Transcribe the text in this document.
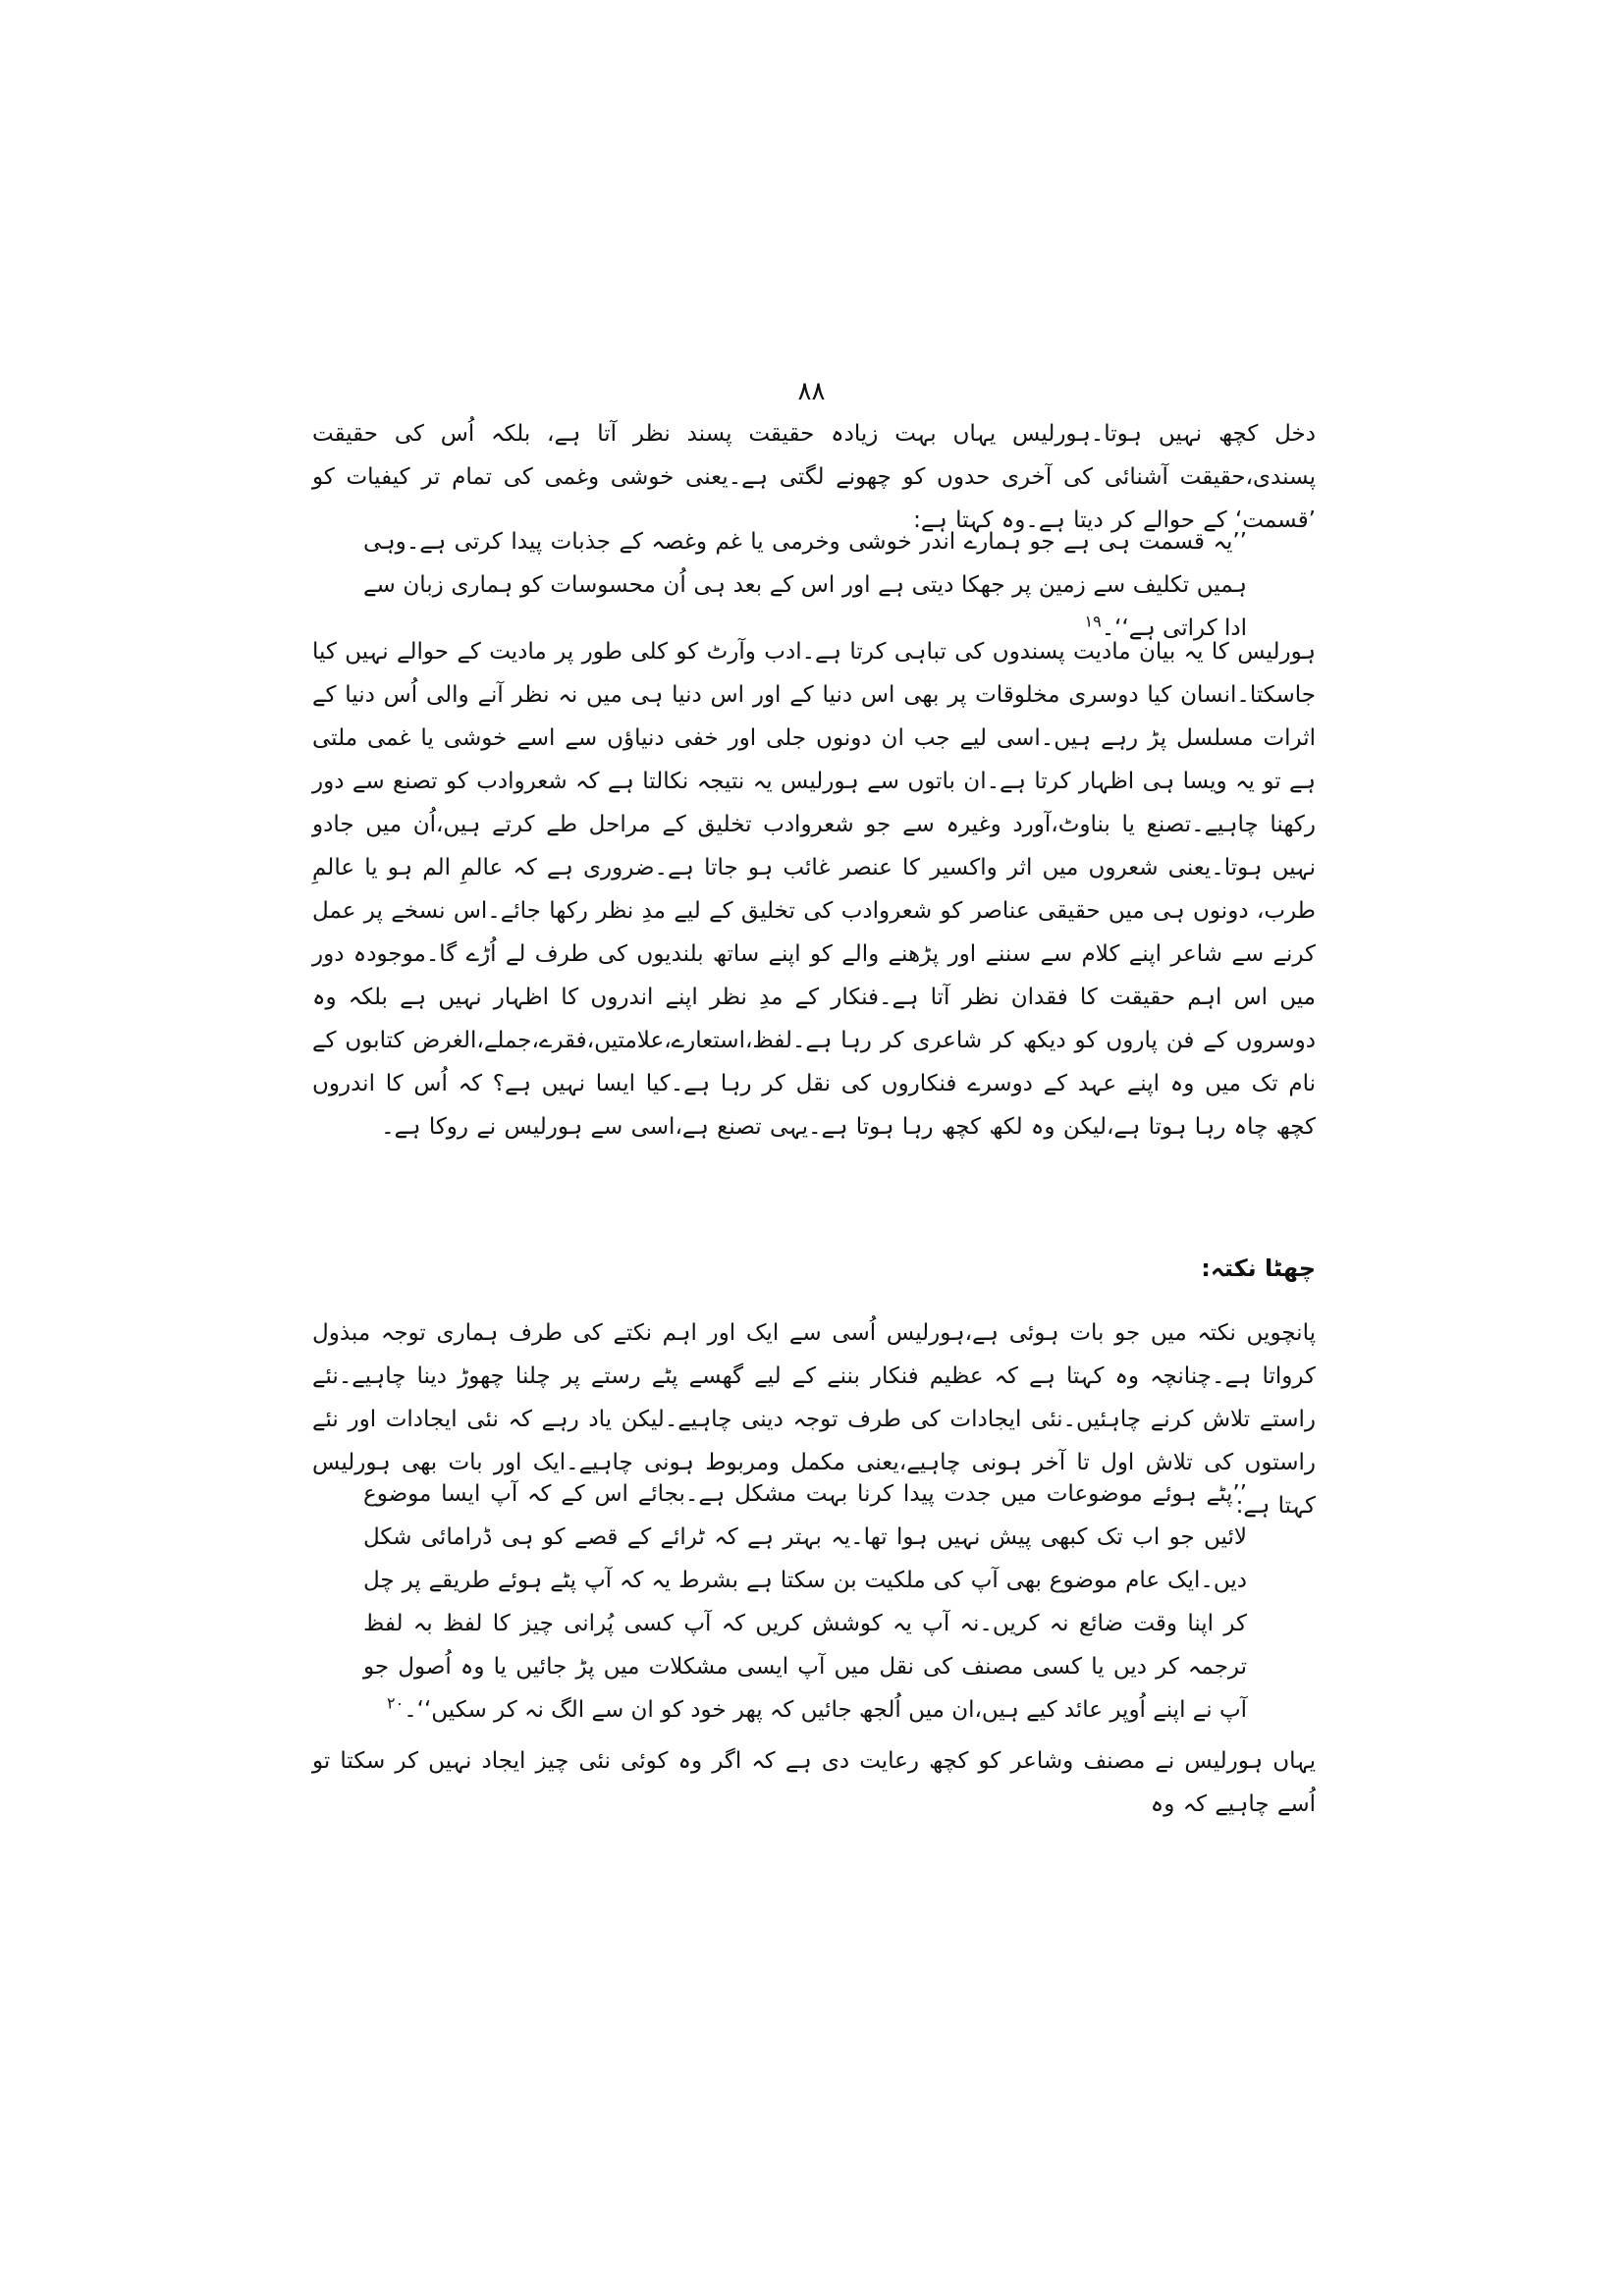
۸۸
دخل کچھ نہیں ہوتا۔ہورلیس یہاں بہت زیادہ حقیقت پسند نظر آتا ہے، بلکہ اُس کی حقیقت پسندی،حقیقت آشنائی کی آخری حدوں کو چھونے لگتی ہے۔یعنی خوشی وغمی کی تمام تر کیفیات کو ’قسمت‘ کے حوالے کر دیتا ہے۔وہ کہتا ہے:
’’یہ قسمت ہی ہے جو ہمارے اندر خوشی وخرمی یا غم وغصہ کے جذبات پیدا کرتی ہے۔وہی ہمیں تکلیف سے زمین پر جھکا دیتی ہے اور اس کے بعد ہی اُن محسوسات کو ہماری زبان سے ادا کراتی ہے‘‘۔$^{۱۹}$
ہورلیس کا یہ بیان مادیت پسندوں کی تباہی کرتا ہے۔ادب وآرٹ کو کلی طور پر مادیت کے حوالے نہیں کیا جاسکتا۔انسان کیا دوسری مخلوقات پر بھی اس دنیا کے اور اس دنیا ہی میں نہ نظر آنے والی اُس دنیا کے اثرات مسلسل پڑ رہے ہیں۔اسی لیے جب ان دونوں جلی اور خفی دنیاؤں سے اسے خوشی یا غمی ملتی ہے تو یہ ویسا ہی اظہار کرتا ہے۔ان باتوں سے ہورلیس یہ نتیجہ نکالتا ہے کہ شعروادب کو تصنع سے دور رکھنا چاہیے۔تصنع یا بناوٹ،آورد وغیرہ سے جو شعروادب تخلیق کے مراحل طے کرتے ہیں،اُن میں جادو نہیں ہوتا۔یعنی شعروں میں اثر واکسیر کا عنصر غائب ہو جاتا ہے۔ضروری ہے کہ عالمِ الم ہو یا عالمِ طرب، دونوں ہی میں حقیقی عناصر کو شعروادب کی تخلیق کے لیے مدِ نظر رکھا جائے۔اس نسخے پر عمل کرنے سے شاعر اپنے کلام سے سننے اور پڑھنے والے کو اپنے ساتھ بلندیوں کی طرف لے اُڑے گا۔موجودہ دور میں اس اہم حقیقت کا فقدان نظر آتا ہے۔فنکار کے مدِ نظر اپنے اندروں کا اظہار نہیں ہے بلکہ وہ دوسروں کے فن پاروں کو دیکھ کر شاعری کر رہا ہے۔لفظ،استعارے،علامتیں،فقرے،جملے،الغرض کتابوں کے نام تک میں وہ اپنے عہد کے دوسرے فنکاروں کی نقل کر رہا ہے۔کیا ایسا نہیں ہے؟ کہ اُس کا اندروں کچھ چاہ رہا ہوتا ہے،لیکن وہ لکھ کچھ رہا ہوتا ہے۔یہی تصنع ہے،اسی سے ہورلیس نے روکا ہے۔
چھٹا نکتہ:
پانچویں نکتہ میں جو بات ہوئی ہے،ہورلیس اُسی سے ایک اور اہم نکتے کی طرف ہماری توجہ مبذول کرواتا ہے۔چنانچہ وہ کہتا ہے کہ عظیم فنکار بننے کے لیے گھسے پٹے رستے پر چلنا چھوڑ دینا چاہیے۔نئے راستے تلاش کرنے چاہئیں۔نئی ایجادات کی طرف توجہ دینی چاہیے۔لیکن یاد رہے کہ نئی ایجادات اور نئے راستوں کی تلاش اول تا آخر ہونی چاہیے،یعنی مکمل ومربوط ہونی چاہیے۔ایک اور بات بھی ہورلیس کہتا ہے:
’’پٹے ہوئے موضوعات میں جدت پیدا کرنا بہت مشکل ہے۔بجائے اس کے کہ آپ ایسا موضوع لائیں جو اب تک کبھی پیش نہیں ہوا تھا۔یہ بہتر ہے کہ ٹرائے کے قصے کو ہی ڈرامائی شکل دیں۔ایک عام موضوع بھی آپ کی ملکیت بن سکتا ہے بشرط یہ کہ آپ پٹے ہوئے طریقے پر چل کر اپنا وقت ضائع نہ کریں۔نہ آپ یہ کوشش کریں کہ آپ کسی پُرانی چیز کا لفظ بہ لفظ ترجمہ کر دیں یا کسی مصنف کی نقل میں آپ ایسی مشکلات میں پڑ جائیں یا وہ اُصول جو آپ نے اپنے اُوپر عائد کیے ہیں،ان میں اُلجھ جائیں کہ پھر خود کو ان سے الگ نہ کر سکیں‘‘۔$^{۲۰}$
یہاں ہورلیس نے مصنف وشاعر کو کچھ رعایت دی ہے کہ اگر وہ کوئی نئی چیز ایجاد نہیں کر سکتا تو اُسے چاہیے کہ وہ
